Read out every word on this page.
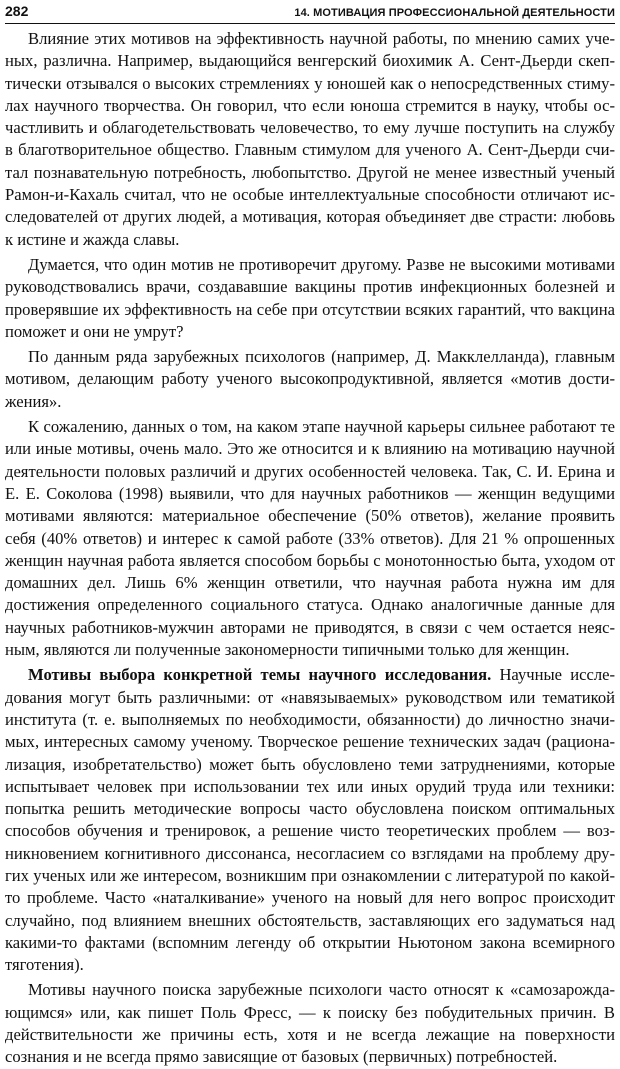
282	14. МОТИВАЦИЯ ПРОФЕССИОНАЛЬНОЙ ДЕЯТЕЛЬНОСТИ

Влияние этих мотивов на эффективность научной работы, по мнению самих ученых, различна. Например, выдающийся венгерский биохимик А. Сент-Дьерди скептически отзывался о высоких стремлениях у юношей как о непосредственных стимулах научного творчества. Он говорил, что если юноша стремится в науку, чтобы осчастливить и облагодетельствовать человечество, то ему лучше поступить на службу в благотворительное общество. Главным стимулом для ученого А. Сент-Дьерди считал познавательную потребность, любопытство. Другой не менее известный ученый Рамон-и-Кахаль считал, что не особые интеллектуальные способности отличают исследователей от других людей, а мотивация, которая объединяет две страсти: любовь к истине и жажда славы.

Думается, что один мотив не противоречит другому. Разве не высокими мотивами руководствовались врачи, создававшие вакцины против инфекционных болезней и проверявшие их эффективность на себе при отсутствии всяких гарантий, что вакцина поможет и они не умрут?

По данным ряда зарубежных психологов (например, Д. Макклелланда), главным мотивом, делающим работу ученого высокопродуктивной, является «мотив достижения».

К сожалению, данных о том, на каком этапе научной карьеры сильнее работают те или иные мотивы, очень мало. Это же относится и к влиянию на мотивацию научной деятельности половых различий и других особенностей человека. Так, С. И. Ерина и Е. Е. Соколова (1998) выявили, что для научных работников — женщин ведущими мотивами являются: материальное обеспечение (50% ответов), желание проявить себя (40% ответов) и интерес к самой работе (33% ответов). Для 21 % опрошенных женщин научная работа является способом борьбы с монотонностью быта, уходом от домашних дел. Лишь 6% женщин ответили, что научная работа нужна им для достижения определенного социального статуса. Однако аналогичные данные для научных работников-мужчин авторами не приводятся, в связи с чем остается неясным, являются ли полученные закономерности типичными только для женщин.

Мотивы выбора конкретной темы научного исследования. Научные исследования могут быть различными: от «навязываемых» руководством или тематикой института (т. е. выполняемых по необходимости, обязанности) до личностно значимых, интересных самому ученому. Творческое решение технических задач (рационализация, изобретательство) может быть обусловлено теми затруднениями, которые испытывает человек при использовании тех или иных орудий труда или техники: попытка решить методические вопросы часто обусловлена поиском оптимальных способов обучения и тренировок, а решение чисто теоретических проблем — возникновением когнитивного диссонанса, несогласием со взглядами на проблему других ученых или же интересом, возникшим при ознакомлении с литературой по какой-то проблеме. Часто «наталкивание» ученого на новый для него вопрос происходит случайно, под влиянием внешних обстоятельств, заставляющих его задуматься над какими-то фактами (вспомним легенду об открытии Ньютоном закона всемирного тяготения).

Мотивы научного поиска зарубежные психологи часто относят к «самозарождающимся» или, как пишет Поль Фресс, — к поиску без побудительных причин. В действительности же причины есть, хотя и не всегда лежащие на поверхности сознания и не всегда прямо зависящие от базовых (первичных) потребностей.
